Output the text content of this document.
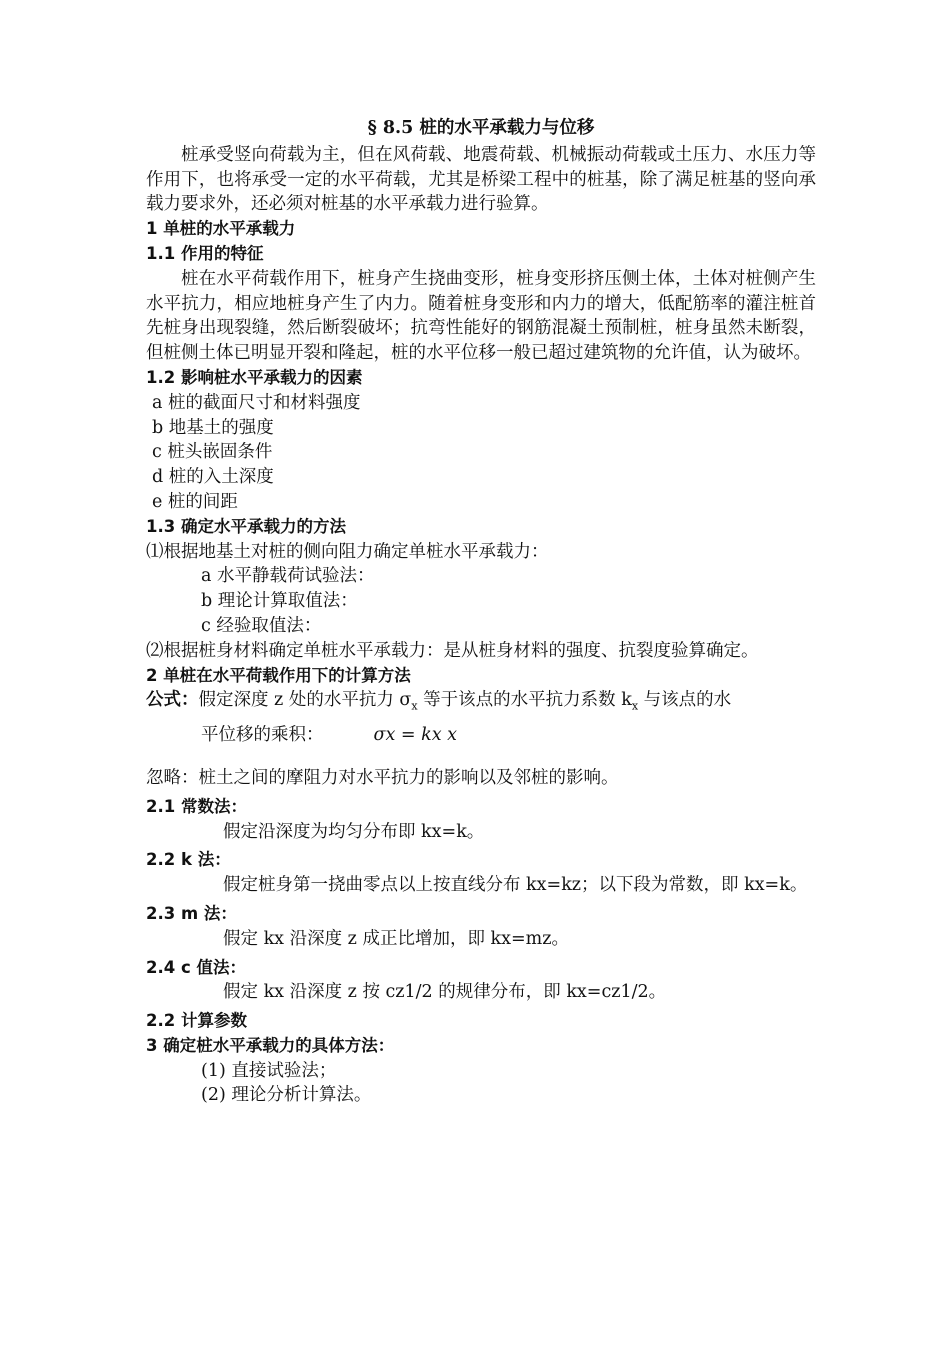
§ 8.5 桩的水平承载力与位移

桩承受竖向荷载为主，但在风荷载、地震荷载、机械振动荷载或土压力、水压力等作用下，也将承受一定的水平荷载，尤其是桥梁工程中的桩基，除了满足桩基的竖向承载力要求外，还必须对桩基的水平承载力进行验算。

1 单桩的水平承载力

1.1 作用的特征

桩在水平荷载作用下，桩身产生挠曲变形，桩身变形挤压侧土体，土体对桩侧产生水平抗力，相应地桩身产生了内力。随着桩身变形和内力的增大，低配筋率的灌注桩首先桩身出现裂缝，然后断裂破坏；抗弯性能好的钢筋混凝土预制桩，桩身虽然未断裂，但桩侧土体已明显开裂和隆起，桩的水平位移一般已超过建筑物的允许值，认为破坏。

1.2 影响桩水平承载力的因素

a 桩的截面尺寸和材料强度

b 地基土的强度

c 桩头嵌固条件

d 桩的入土深度

e 桩的间距

1.3 确定水平承载力的方法

⑴根据地基土对桩的侧向阻力确定单桩水平承载力：

a 水平静载荷试验法：

b 理论计算取值法：

c 经验取值法：

⑵根据桩身材料确定单桩水平承载力：是从桩身材料的强度、抗裂度验算确定。

2 单桩在水平荷载作用下的计算方法

公式：假定深度 z 处的水平抗力 $\sigma_x$ 等于该点的水平抗力系数 $k_x$ 与该点的水

平位移的乘积：	σx = kx x

忽略：桩土之间的摩阻力对水平抗力的影响以及邻桩的影响。

2.1 常数法：

假定沿深度为均匀分布即 kx=k。

2.2 k 法：

假定桩身第一挠曲零点以上按直线分布 kx=kz；以下段为常数，即 kx=k。

2.3 m 法：

假定 kx 沿深度 z 成正比增加，即 kx=mz。

2.4 c 值法：

假定 kx 沿深度 z 按 cz1/2 的规律分布，即 kx=cz1/2。

2.2 计算参数

3 确定桩水平承载力的具体方法：

(1) 直接试验法；

(2) 理论分析计算法。
